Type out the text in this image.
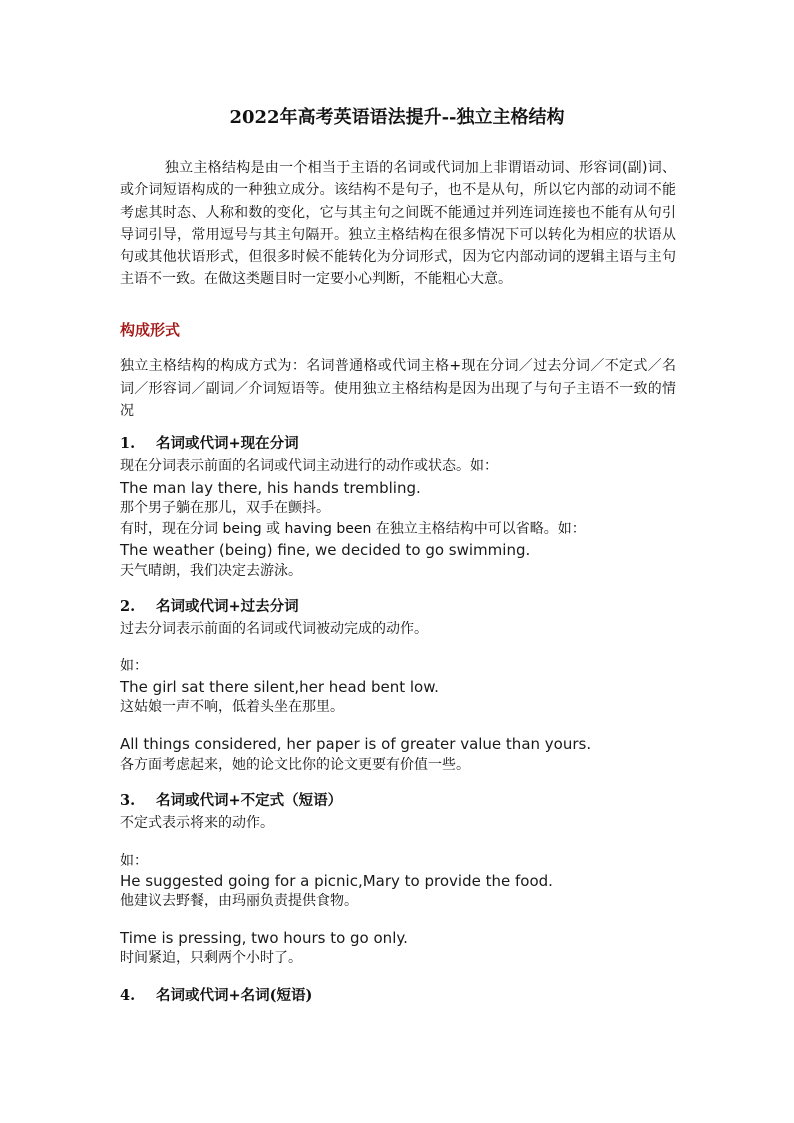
2022年高考英语语法提升--独立主格结构
独立主格结构是由一个相当于主语的名词或代词加上非谓语动词、形容词(副)词、或介词短语构成的一种独立成分。该结构不是句子，也不是从句，所以它内部的动词不能考虑其时态、人称和数的变化，它与其主句之间既不能通过并列连词连接也不能有从句引导词引导，常用逗号与其主句隔开。独立主格结构在很多情况下可以转化为相应的状语从句或其他状语形式，但很多时候不能转化为分词形式，因为它内部动词的逻辑主语与主句主语不一致。在做这类题目时一定要小心判断，不能粗心大意。
构成形式
独立主格结构的构成方式为：名词普通格或代词主格+现在分词／过去分词／不定式／名词／形容词／副词／介词短语等。使用独立主格结构是因为出现了与句子主语不一致的情况
1. 名词或代词+现在分词
现在分词表示前面的名词或代词主动进行的动作或状态。如：
The man lay there, his hands trembling.
那个男子躺在那儿，双手在颤抖。
有时，现在分词 being 或 having been 在独立主格结构中可以省略。如：
The weather (being) fine, we decided to go swimming.
天气晴朗，我们决定去游泳。
2. 名词或代词+过去分词
过去分词表示前面的名词或代词被动完成的动作。
如：
The girl sat there silent,her head bent low.
这姑娘一声不响，低着头坐在那里。
All things considered, her paper is of greater value than yours.
各方面考虑起来，她的论文比你的论文更要有价值一些。
3. 名词或代词+不定式（短语）
不定式表示将来的动作。
如：
He suggested going for a picnic,Mary to provide the food.
他建议去野餐，由玛丽负责提供食物。
Time is pressing, two hours to go only.
时间紧迫，只剩两个小时了。
4. 名词或代词+名词(短语)
